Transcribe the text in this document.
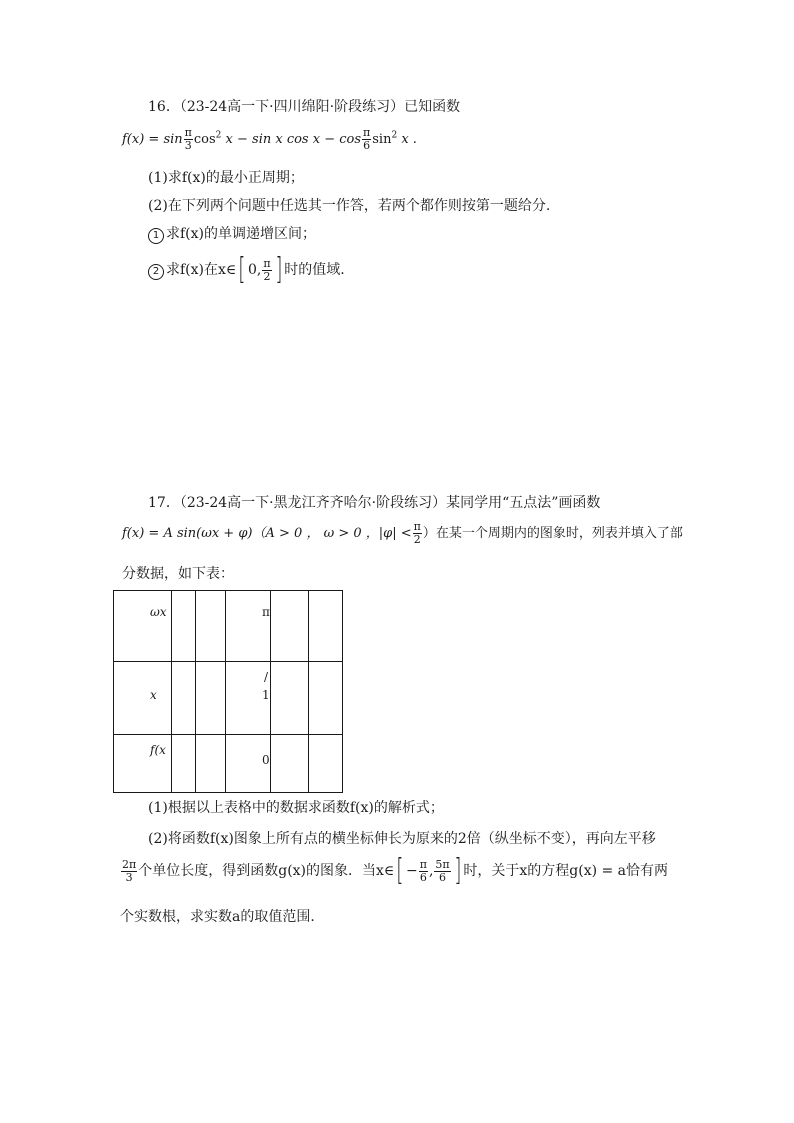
16．（23-24高一下·四川绵阳·阶段练习）已知函数
$f(x) = \sin \frac{\pi}{3} \cos^2 x - \sin x$ $\cos x - \cos \frac{\pi}{6} \sin^2 x$ .
(1)求f(x)的最小正周期；
(2)在下列两个问题中任选其一作答，若两个都作则按第一题给分.
1 求f(x)的单调递增区间；
2 求f(x)在x∈[ 0, $\frac{\pi}{2}$ ] 时的值域.
17．（23-24高一下·黑龙江齐齐哈尔·阶段练习）某同学用“五点法”画函数
f(x) = A sin(ωx + φ)（A > 0 ， ω > 0 ，$|\varphi| < \frac{\pi}{2}$ ）在某一个周期内的图象时，列表并填入了部
分数据，如下表：
ωx			π		

x			/
1		

f(x			0		

(1)根据以上表格中的数据求函数f(x)的解析式；
(2)将函数f(x)图象上所有点的横坐标伸长为原来的2倍（纵坐标不变），再向左平移
$\frac{2\pi}{3}$ 个单位长度，得到函数g(x)的图象．当x∈[ − $\frac{\pi}{6}$ , $\frac{5\pi}{6}$ ] 时，关于x的方程g(x) = a恰有两
个实数根，求实数a的取值范围.
